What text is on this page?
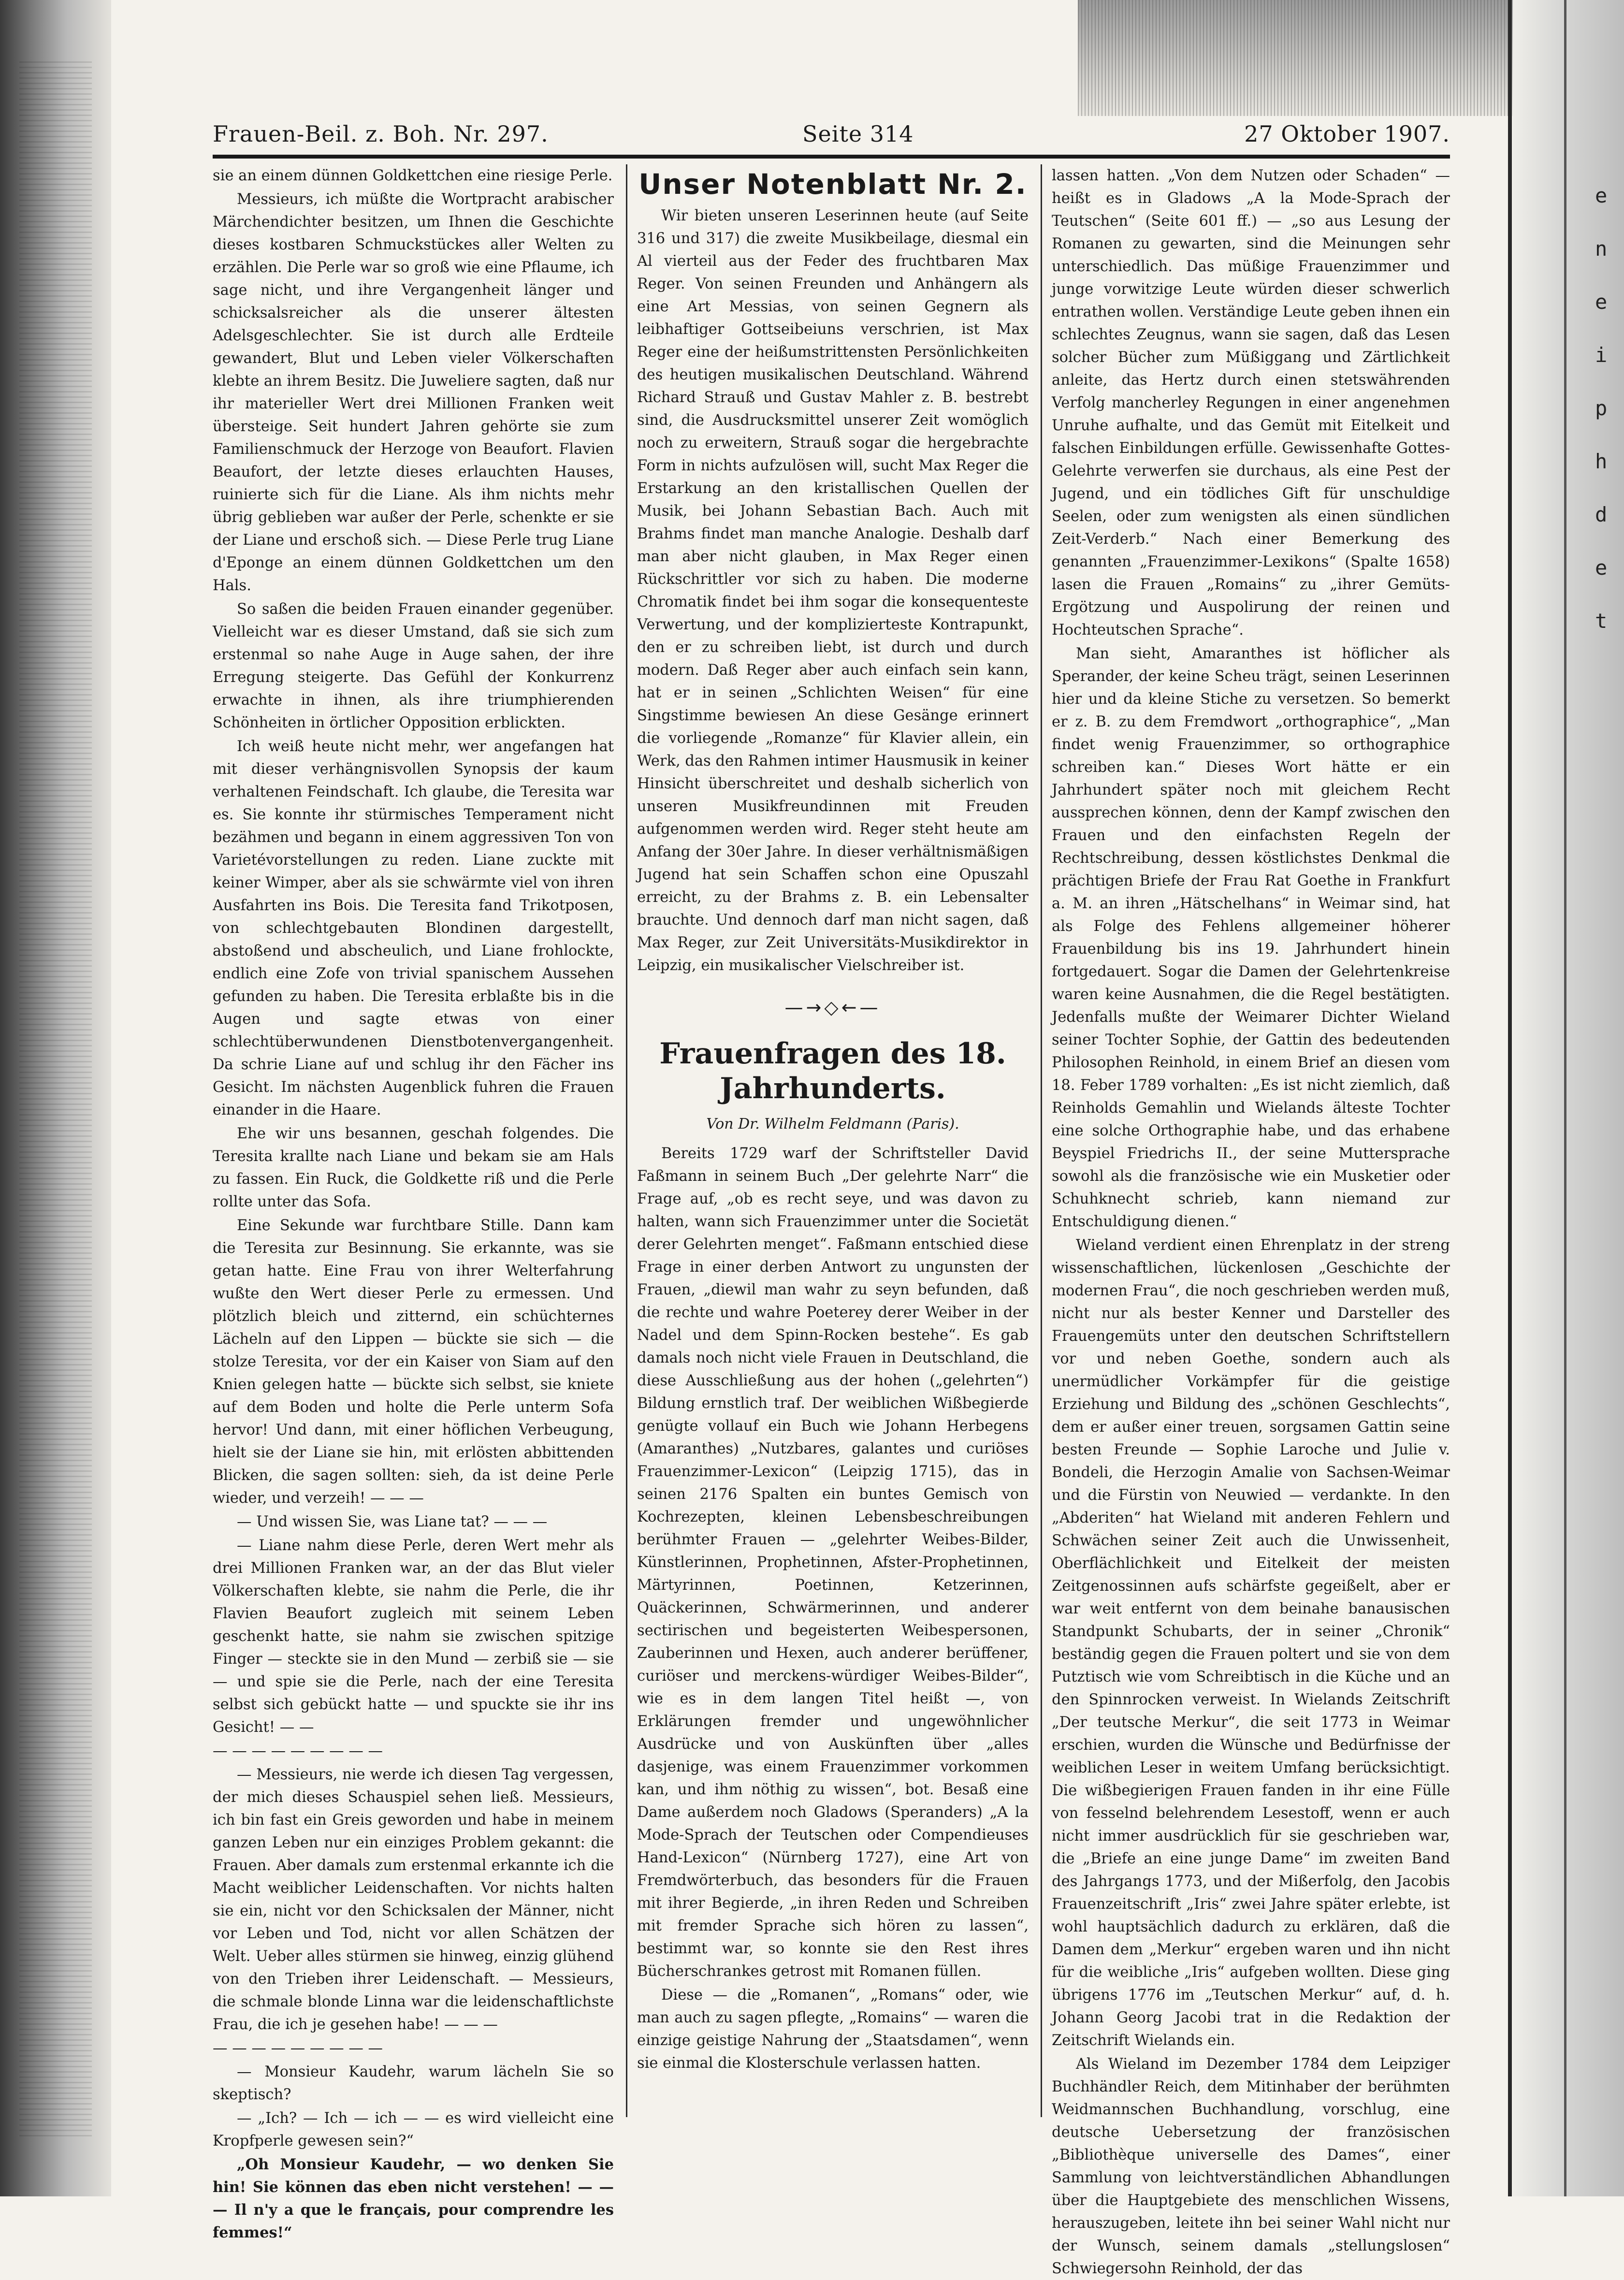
e n e i p h d e t
Frauen-Beil. z. Boh. Nr. 297.	Seite 314	27 Oktober 1907.

sie an einem dünnen Goldkettchen eine riesige Perle.

Messieurs, ich müßte die Wortpracht arabischer Märchendichter besitzen, um Ihnen die Geschichte dieses kostbaren Schmuckstückes aller Welten zu erzählen. Die Perle war so groß wie eine Pflaume, ich sage nicht, und ihre Vergangenheit länger und schicksalsreicher als die unserer ältesten Adelsgeschlechter. Sie ist durch alle Erdteile gewandert, Blut und Leben vieler Völkerschaften klebte an ihrem Besitz. Die Juweliere sagten, daß nur ihr materieller Wert drei Millionen Franken weit übersteige. Seit hundert Jahren gehörte sie zum Familienschmuck der Herzoge von Beaufort. Flavien Beaufort, der letzte dieses erlauchten Hauses, ruinierte sich für die Liane. Als ihm nichts mehr übrig geblieben war außer der Perle, schenkte er sie der Liane und erschoß sich. — Diese Perle trug Liane d'Eponge an einem dünnen Goldkettchen um den Hals.

So saßen die beiden Frauen einander gegenüber. Vielleicht war es dieser Umstand, daß sie sich zum erstenmal so nahe Auge in Auge sahen, der ihre Erregung steigerte. Das Gefühl der Konkurrenz erwachte in ihnen, als ihre triumphierenden Schönheiten in örtlicher Opposition erblickten.

Ich weiß heute nicht mehr, wer angefangen hat mit dieser verhängnisvollen Synopsis der kaum verhaltenen Feindschaft. Ich glaube, die Teresita war es. Sie konnte ihr stürmisches Temperament nicht bezähmen und begann in einem aggressiven Ton von Varietévorstellungen zu reden. Liane zuckte mit keiner Wimper, aber als sie schwärmte viel von ihren Ausfahrten ins Bois. Die Teresita fand Trikotposen, von schlechtgebauten Blondinen dargestellt, abstoßend und abscheulich, und Liane frohlockte, endlich eine Zofe von trivial spanischem Aussehen gefunden zu haben. Die Teresita erblaßte bis in die Augen und sagte etwas von einer schlechtüberwundenen Dienstbotenvergangenheit. Da schrie Liane auf und schlug ihr den Fächer ins Gesicht. Im nächsten Augenblick fuhren die Frauen einander in die Haare.

Ehe wir uns besannen, geschah folgendes. Die Teresita krallte nach Liane und bekam sie am Hals zu fassen. Ein Ruck, die Goldkette riß und die Perle rollte unter das Sofa.

Eine Sekunde war furchtbare Stille. Dann kam die Teresita zur Besinnung. Sie erkannte, was sie getan hatte. Eine Frau von ihrer Welterfahrung wußte den Wert dieser Perle zu ermessen. Und plötzlich bleich und zitternd, ein schüchternes Lächeln auf den Lippen — bückte sie sich — die stolze Teresita, vor der ein Kaiser von Siam auf den Knien gelegen hatte — bückte sich selbst, sie kniete auf dem Boden und holte die Perle unterm Sofa hervor! Und dann, mit einer höflichen Verbeugung, hielt sie der Liane sie hin, mit erlösten abbittenden Blicken, die sagen sollten: sieh, da ist deine Perle wieder, und verzeih! — — —

— Und wissen Sie, was Liane tat? — — —

— Liane nahm diese Perle, deren Wert mehr als drei Millionen Franken war, an der das Blut vieler Völkerschaften klebte, sie nahm die Perle, die ihr Flavien Beaufort zugleich mit seinem Leben geschenkt hatte, sie nahm sie zwischen spitzige Finger — steckte sie in den Mund — zerbiß sie — sie — und spie sie die Perle, nach der eine Teresita selbst sich gebückt hatte — und spuckte sie ihr ins Gesicht! — —

— — — — — — — — —

— Messieurs, nie werde ich diesen Tag vergessen, der mich dieses Schauspiel sehen ließ. Messieurs, ich bin fast ein Greis geworden und habe in meinem ganzen Leben nur ein einziges Problem gekannt: die Frauen. Aber damals zum erstenmal erkannte ich die Macht weiblicher Leidenschaften. Vor nichts halten sie ein, nicht vor den Schicksalen der Männer, nicht vor Leben und Tod, nicht vor allen Schätzen der Welt. Ueber alles stürmen sie hinweg, einzig glühend von den Trieben ihrer Leidenschaft. — Messieurs, die schmale blonde Linna war die leidenschaftlichste Frau, die ich je gesehen habe! — — —

— — — — — — — — —

— Monsieur Kaudehr, warum lächeln Sie so skeptisch?

— „Ich? — Ich — ich — — es wird vielleicht eine Kropfperle gewesen sein?“

„Oh Monsieur Kaudehr, — wo denken Sie hin! Sie können das eben nicht verstehen! — — — Il n'y a que le français, pour comprendre les femmes!“

Unser Notenblatt Nr. 2.

Wir bieten unseren Leserinnen heute (auf Seite 316 und 317) die zweite Musikbeilage, diesmal ein Al vierteil aus der Feder des fruchtbaren Max Reger. Von seinen Freunden und Anhängern als eine Art Messias, von seinen Gegnern als leibhaftiger Gottseibeiuns verschrien, ist Max Reger eine der heißumstrittensten Persönlichkeiten des heutigen musikalischen Deutschland. Während Richard Strauß und Gustav Mahler z. B. bestrebt sind, die Ausdrucksmittel unserer Zeit womöglich noch zu erweitern, Strauß sogar die hergebrachte Form in nichts aufzulösen will, sucht Max Reger die Erstarkung an den kristallischen Quellen der Musik, bei Johann Sebastian Bach. Auch mit Brahms findet man manche Analogie. Deshalb darf man aber nicht glauben, in Max Reger einen Rückschrittler vor sich zu haben. Die moderne Chromatik findet bei ihm sogar die konsequenteste Verwertung, und der komplizierteste Kontrapunkt, den er zu schreiben liebt, ist durch und durch modern. Daß Reger aber auch einfach sein kann, hat er in seinen „Schlichten Weisen“ für eine Singstimme bewiesen An diese Gesänge erinnert die vorliegende „Romanze“ für Klavier allein, ein Werk, das den Rahmen intimer Hausmusik in keiner Hinsicht überschreitet und deshalb sicherlich von unseren Musikfreundinnen mit Freuden aufgenommen werden wird. Reger steht heute am Anfang der 30er Jahre. In dieser verhältnismäßigen Jugend hat sein Schaffen schon eine Opuszahl erreicht, zu der Brahms z. B. ein Lebensalter brauchte. Und dennoch darf man nicht sagen, daß Max Reger, zur Zeit Universitäts-Musikdirektor in Leipzig, ein musikalischer Vielschreiber ist.

—→◇←—
Frauenfragen des 18. Jahrhunderts.
Von Dr. Wilhelm Feldmann (Paris).

Bereits 1729 warf der Schriftsteller David Faßmann in seinem Buch „Der gelehrte Narr“ die Frage auf, „ob es recht seye, und was davon zu halten, wann sich Frauenzimmer unter die Societät derer Gelehrten menget“. Faßmann entschied diese Frage in einer derben Antwort zu ungunsten der Frauen, „diewil man wahr zu seyn befunden, daß die rechte und wahre Poeterey derer Weiber in der Nadel und dem Spinn-Rocken bestehe“. Es gab damals noch nicht viele Frauen in Deutschland, die diese Ausschließung aus der hohen („gelehrten“) Bildung ernstlich traf. Der weiblichen Wißbegierde genügte vollauf ein Buch wie Johann Herbegens (Amaranthes) „Nutzbares, galantes und curiöses Frauenzimmer-Lexicon“ (Leipzig 1715), das in seinen 2176 Spalten ein buntes Gemisch von Kochrezepten, kleinen Lebensbeschreibungen berühmter Frauen — „gelehrter Weibes-Bilder, Künstlerinnen, Prophetinnen, Afster-Prophetinnen, Märtyrinnen, Poetinnen, Ketzerinnen, Quäckerinnen, Schwärmerinnen, und anderer sectirischen und begeisterten Weibespersonen, Zauberinnen und Hexen, auch anderer berüffener, curiöser und merckens-würdiger Weibes-Bilder“, wie es in dem langen Titel heißt —, von Erklärungen fremder und ungewöhnlicher Ausdrücke und von Auskünften über „alles dasjenige, was einem Frauenzimmer vorkommen kan, und ihm nöthig zu wissen“, bot. Besaß eine Dame außerdem noch Gladows (Speranders) „A la Mode-Sprach der Teutschen oder Compendieuses Hand-Lexicon“ (Nürnberg 1727), eine Art von Fremdwörterbuch, das besonders für die Frauen mit ihrer Begierde, „in ihren Reden und Schreiben mit fremder Sprache sich hören zu lassen“, bestimmt war, so konnte sie den Rest ihres Bücherschrankes getrost mit Romanen füllen.

Diese — die „Romanen“, „Romans“ oder, wie man auch zu sagen pflegte, „Romains“ — waren die einzige geistige Nahrung der „Staatsdamen“, wenn sie einmal die Klosterschule verlassen hatten.

lassen hatten. „Von dem Nutzen oder Schaden“ — heißt es in Gladows „A la Mode-Sprach der Teutschen“ (Seite 601 ff.) — „so aus Lesung der Romanen zu gewarten, sind die Meinungen sehr unterschiedlich. Das müßige Frauenzimmer und junge vorwitzige Leute würden dieser schwerlich entrathen wollen. Verständige Leute geben ihnen ein schlechtes Zeugnus, wann sie sagen, daß das Lesen solcher Bücher zum Müßiggang und Zärtlichkeit anleite, das Hertz durch einen stetswährenden Verfolg mancherley Regungen in einer angenehmen Unruhe aufhalte, und das Gemüt mit Eitelkeit und falschen Einbildungen erfülle. Gewissenhafte Gottes-Gelehrte verwerfen sie durchaus, als eine Pest der Jugend, und ein tödliches Gift für unschuldige Seelen, oder zum wenigsten als einen sündlichen Zeit-Verderb.“ Nach einer Bemerkung des genannten „Frauenzimmer-Lexikons“ (Spalte 1658) lasen die Frauen „Romains“ zu „ihrer Gemüts-Ergötzung und Auspolirung der reinen und Hochteutschen Sprache“.

Man sieht, Amaranthes ist höflicher als Sperander, der keine Scheu trägt, seinen Leserinnen hier und da kleine Stiche zu versetzen. So bemerkt er z. B. zu dem Fremdwort „orthographice“, „Man findet wenig Frauenzimmer, so orthographice schreiben kan.“ Dieses Wort hätte er ein Jahrhundert später noch mit gleichem Recht aussprechen können, denn der Kampf zwischen den Frauen und den einfachsten Regeln der Rechtschreibung, dessen köstlichstes Denkmal die prächtigen Briefe der Frau Rat Goethe in Frankfurt a. M. an ihren „Hätschelhans“ in Weimar sind, hat als Folge des Fehlens allgemeiner höherer Frauenbildung bis ins 19. Jahrhundert hinein fortgedauert. Sogar die Damen der Gelehrtenkreise waren keine Ausnahmen, die die Regel bestätigten. Jedenfalls mußte der Weimarer Dichter Wieland seiner Tochter Sophie, der Gattin des bedeutenden Philosophen Reinhold, in einem Brief an diesen vom 18. Feber 1789 vorhalten: „Es ist nicht ziemlich, daß Reinholds Gemahlin und Wielands älteste Tochter eine solche Orthographie habe, und das erhabene Beyspiel Friedrichs II., der seine Muttersprache sowohl als die französische wie ein Musketier oder Schuhknecht schrieb, kann niemand zur Entschuldigung dienen.“

Wieland verdient einen Ehrenplatz in der streng wissenschaftlichen, lückenlosen „Geschichte der modernen Frau“, die noch geschrieben werden muß, nicht nur als bester Kenner und Darsteller des Frauengemüts unter den deutschen Schriftstellern vor und neben Goethe, sondern auch als unermüdlicher Vorkämpfer für die geistige Erziehung und Bildung des „schönen Geschlechts“, dem er außer einer treuen, sorgsamen Gattin seine besten Freunde — Sophie Laroche und Julie v. Bondeli, die Herzogin Amalie von Sachsen-Weimar und die Fürstin von Neuwied — verdankte. In den „Abderiten“ hat Wieland mit anderen Fehlern und Schwächen seiner Zeit auch die Unwissenheit, Oberflächlichkeit und Eitelkeit der meisten Zeitgenossinnen aufs schärfste gegeißelt, aber er war weit entfernt von dem beinahe banausischen Standpunkt Schubarts, der in seiner „Chronik“ beständig gegen die Frauen poltert und sie von dem Putztisch wie vom Schreibtisch in die Küche und an den Spinnrocken verweist. In Wielands Zeitschrift „Der teutsche Merkur“, die seit 1773 in Weimar erschien, wurden die Wünsche und Bedürfnisse der weiblichen Leser in weitem Umfang berücksichtigt. Die wißbegierigen Frauen fanden in ihr eine Fülle von fesselnd belehrendem Lesestoff, wenn er auch nicht immer ausdrücklich für sie geschrieben war, die „Briefe an eine junge Dame“ im zweiten Band des Jahrgangs 1773, und der Mißerfolg, den Jacobis Frauenzeitschrift „Iris“ zwei Jahre später erlebte, ist wohl hauptsächlich dadurch zu erklären, daß die Damen dem „Merkur“ ergeben waren und ihn nicht für die weibliche „Iris“ aufgeben wollten. Diese ging übrigens 1776 im „Teutschen Merkur“ auf, d. h. Johann Georg Jacobi trat in die Redaktion der Zeitschrift Wielands ein.

Als Wieland im Dezember 1784 dem Leipziger Buchhändler Reich, dem Mitinhaber der berühmten Weidmannschen Buchhandlung, vorschlug, eine deutsche Uebersetzung der französischen „Bibliothèque universelle des Dames“, einer Sammlung von leichtverständlichen Abhandlungen über die Hauptgebiete des menschlichen Wissens, herauszugeben, leitete ihn bei seiner Wahl nicht nur der Wunsch, seinem damals „stellungslosen“ Schwiegersohn Reinhold, der das
